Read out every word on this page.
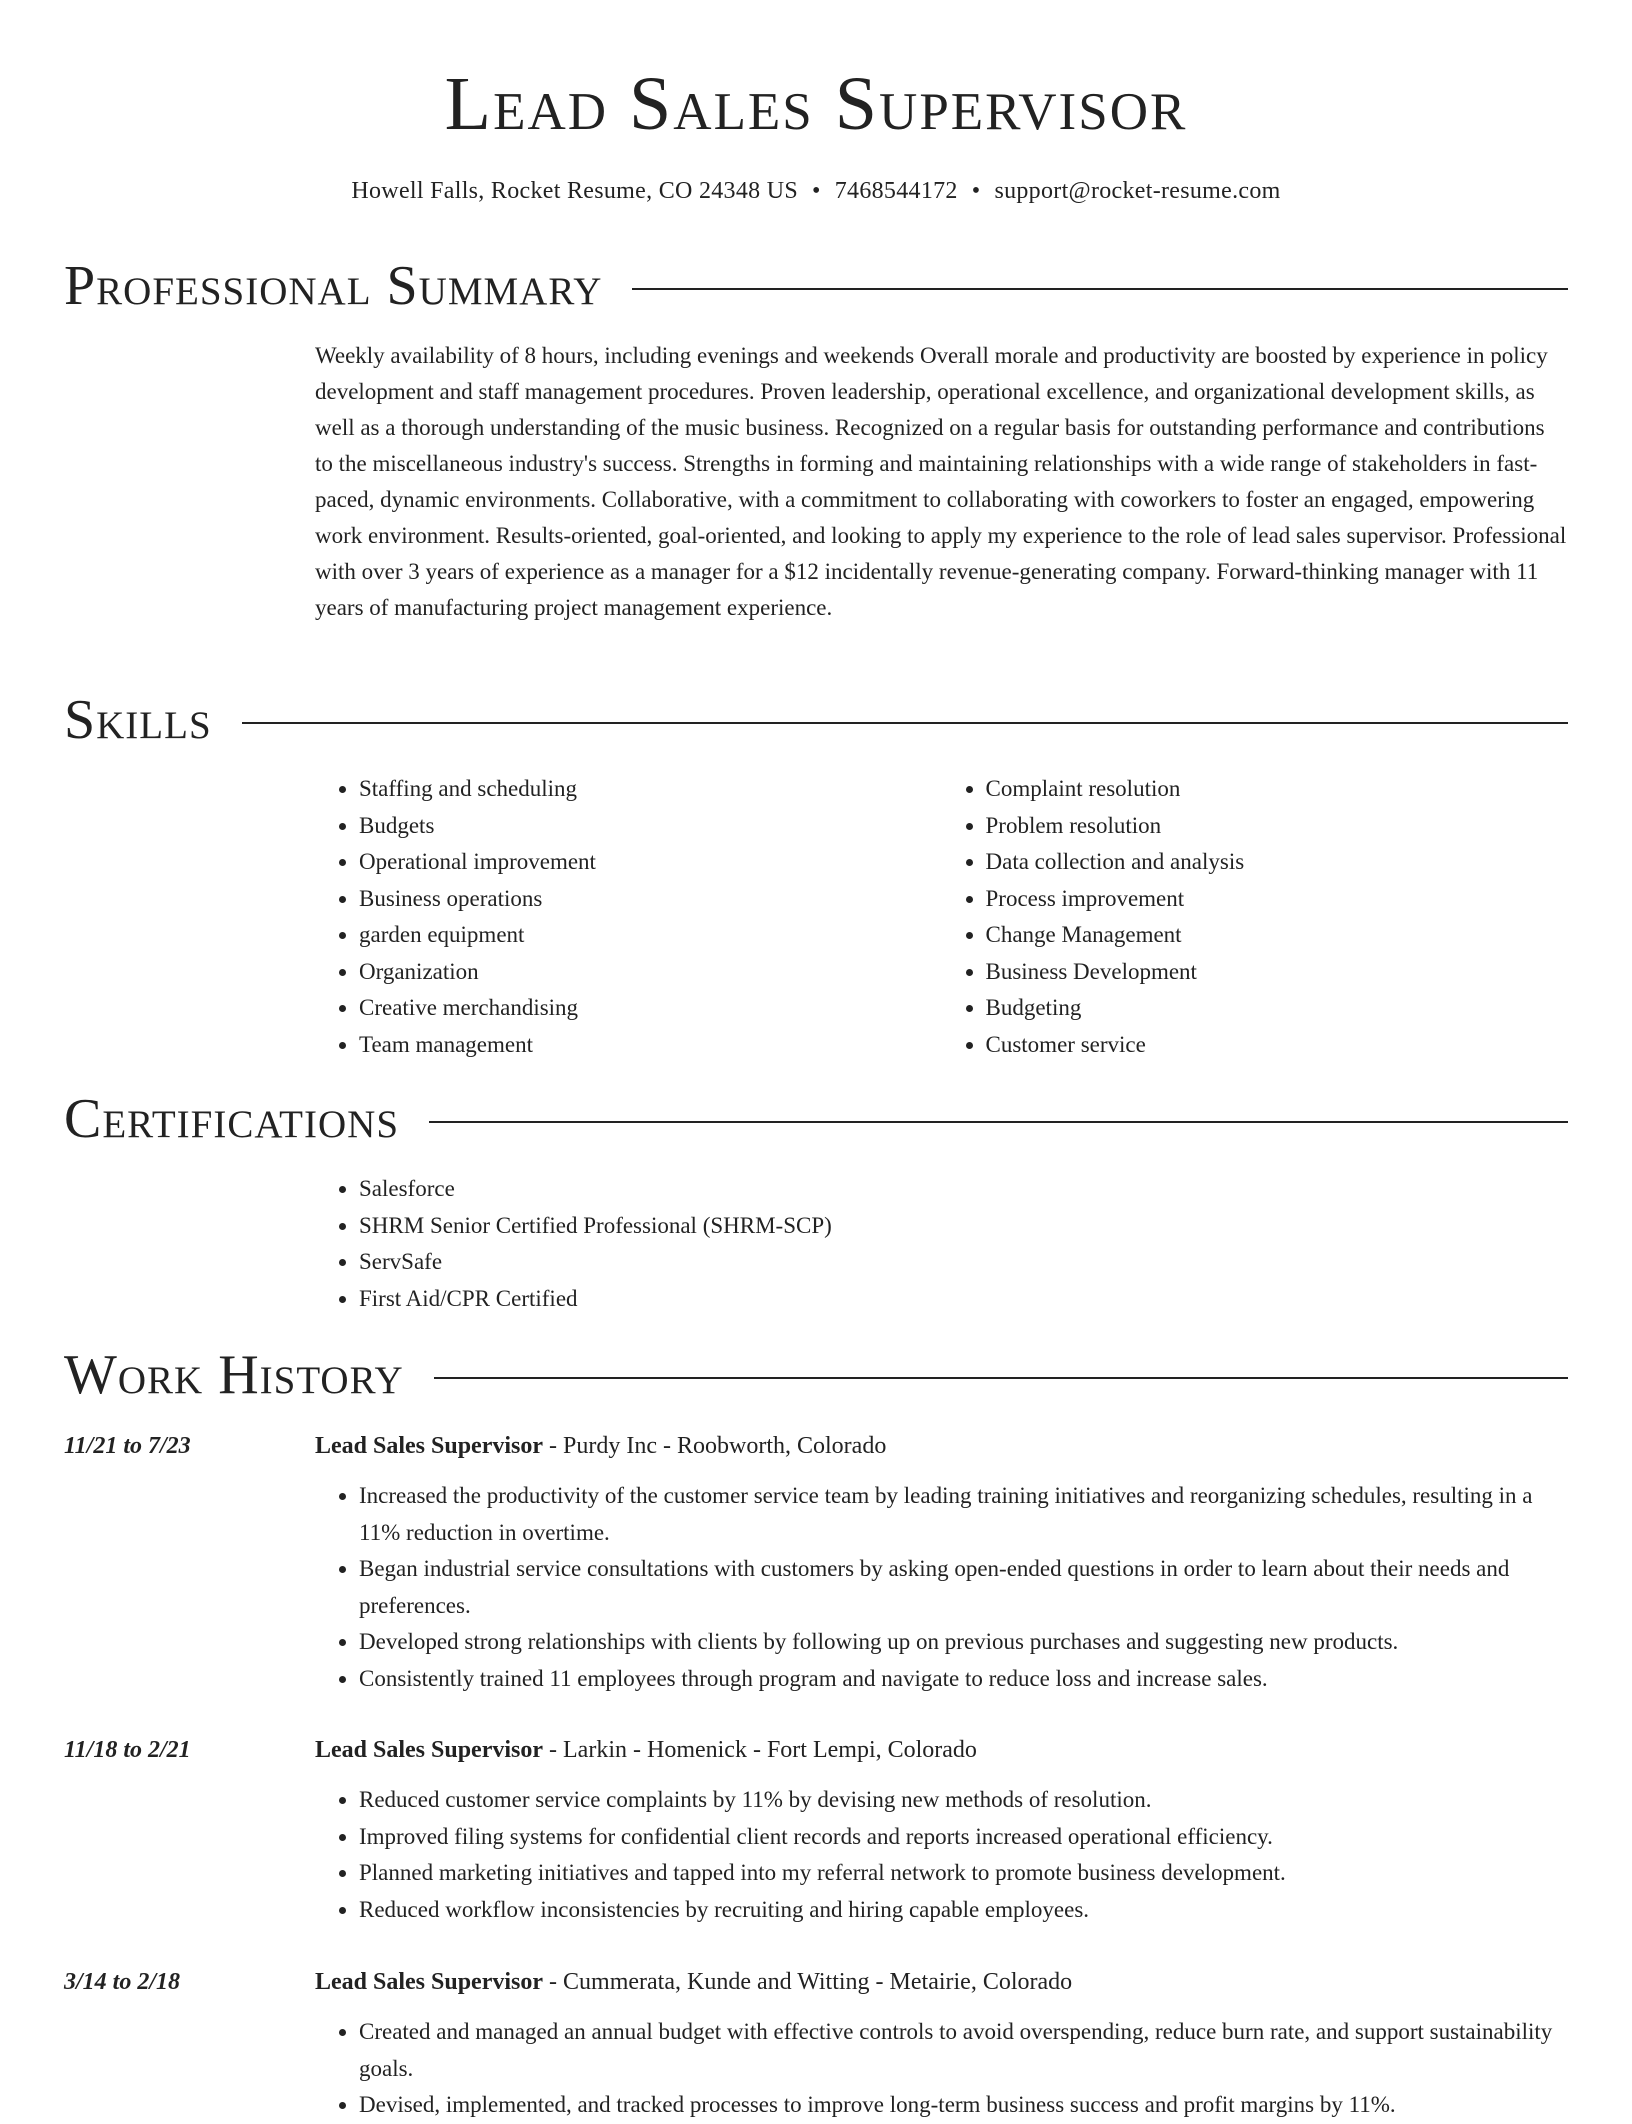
Lead Sales Supervisor
Howell Falls, Rocket Resume, CO 24348 US • 7468544172 • support@rocket-resume.com
Professional Summary

Weekly availability of 8 hours, including evenings and weekends Overall morale and productivity are boosted by experience in policy development and staff management procedures. Proven leadership, operational excellence, and organizational development skills, as well as a thorough understanding of the music business. Recognized on a regular basis for outstanding performance and contributions to the miscellaneous industry's success. Strengths in forming and maintaining relationships with a wide range of stakeholders in fast-paced, dynamic environments. Collaborative, with a commitment to collaborating with coworkers to foster an engaged, empowering work environment. Results-oriented, goal-oriented, and looking to apply my experience to the role of lead sales supervisor. Professional with over 3 years of experience as a manager for a $12 incidentally revenue-generating company. Forward-thinking manager with 11 years of manufacturing project management experience.

Skills
• Staffing and scheduling
• Budgets
• Operational improvement
• Business operations
• garden equipment
• Organization
• Creative merchandising
• Team management
• Complaint resolution
• Problem resolution
• Data collection and analysis
• Process improvement
• Change Management
• Business Development
• Budgeting
• Customer service
Certifications
• Salesforce
• SHRM Senior Certified Professional (SHRM-SCP)
• ServSafe
• First Aid/CPR Certified
Work History
11/21 to 7/23	Lead Sales Supervisor - Purdy Inc - Roobworth, Colorado
• Increased the productivity of the customer service team by leading training initiatives and reorganizing schedules, resulting in a 11% reduction in overtime.
• Began industrial service consultations with customers by asking open-ended questions in order to learn about their needs and preferences.
• Developed strong relationships with clients by following up on previous purchases and suggesting new products.
• Consistently trained 11 employees through program and navigate to reduce loss and increase sales.
11/18 to 2/21	Lead Sales Supervisor - Larkin - Homenick - Fort Lempi, Colorado
• Reduced customer service complaints by 11% by devising new methods of resolution.
• Improved filing systems for confidential client records and reports increased operational efficiency.
• Planned marketing initiatives and tapped into my referral network to promote business development.
• Reduced workflow inconsistencies by recruiting and hiring capable employees.
3/14 to 2/18	Lead Sales Supervisor - Cummerata, Kunde and Witting - Metairie, Colorado
• Created and managed an annual budget with effective controls to avoid overspending, reduce burn rate, and support sustainability goals.
• Devised, implemented, and tracked processes to improve long-term business success and profit margins by 11%.
